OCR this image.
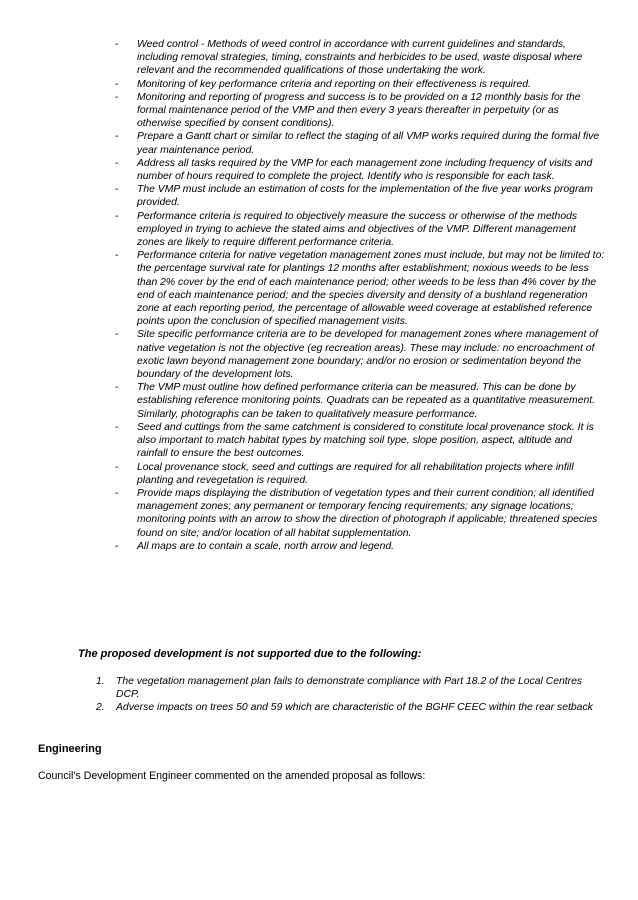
- Weed control - Methods of weed control in accordance with current guidelines and standards, including removal strategies, timing, constraints and herbicides to be used, waste disposal where relevant and the recommended qualifications of those undertaking the work.
- Monitoring of key performance criteria and reporting on their effectiveness is required.
- Monitoring and reporting of progress and success is to be provided on a 12 monthly basis for the formal maintenance period of the VMP and then every 3 years thereafter in perpetuity (or as otherwise specified by consent conditions).
- Prepare a Gantt chart or similar to reflect the staging of all VMP works required during the formal five year maintenance period.
- Address all tasks required by the VMP for each management zone including frequency of visits and number of hours required to complete the project. Identify who is responsible for each task.
- The VMP must include an estimation of costs for the implementation of the five year works program provided.
- Performance criteria is required to objectively measure the success or otherwise of the methods employed in trying to achieve the stated aims and objectives of the VMP. Different management zones are likely to require different performance criteria.
- Performance criteria for native vegetation management zones must include, but may not be limited to: the percentage survival rate for plantings 12 months after establishment; noxious weeds to be less than 2% cover by the end of each maintenance period; other weeds to be less than 4% cover by the end of each maintenance period; and the species diversity and density of a bushland regeneration zone at each reporting period, the percentage of allowable weed coverage at established reference points upon the conclusion of specified management visits.
- Site specific performance criteria are to be developed for management zones where management of native vegetation is not the objective (eg recreation areas). These may include: no encroachment of exotic lawn beyond management zone boundary; and/or no erosion or sedimentation beyond the boundary of the development lots.
- The VMP must outline how defined performance criteria can be measured. This can be done by establishing reference monitoring points. Quadrats can be repeated as a quantitative measurement. Similarly, photographs can be taken to qualitatively measure performance.
- Seed and cuttings from the same catchment is considered to constitute local provenance stock. It is also important to match habitat types by matching soil type, slope position, aspect, altitude and rainfall to ensure the best outcomes.
- Local provenance stock, seed and cuttings are required for all rehabilitation projects where infill planting and revegetation is required.
- Provide maps displaying the distribution of vegetation types and their current condition; all identified management zones; any permanent or temporary fencing requirements; any signage locations; monitoring points with an arrow to show the direction of photograph if applicable; threatened species found on site; and/or location of all habitat supplementation.
- All maps are to contain a scale, north arrow and legend.

The proposed development is not supported due to the following:

1. The vegetation management plan fails to demonstrate compliance with Part 18.2 of the Local Centres DCP.
2. Adverse impacts on trees 50 and 59 which are characteristic of the BGHF CEEC within the rear setback

Engineering

Council’s Development Engineer commented on the amended proposal as follows:
